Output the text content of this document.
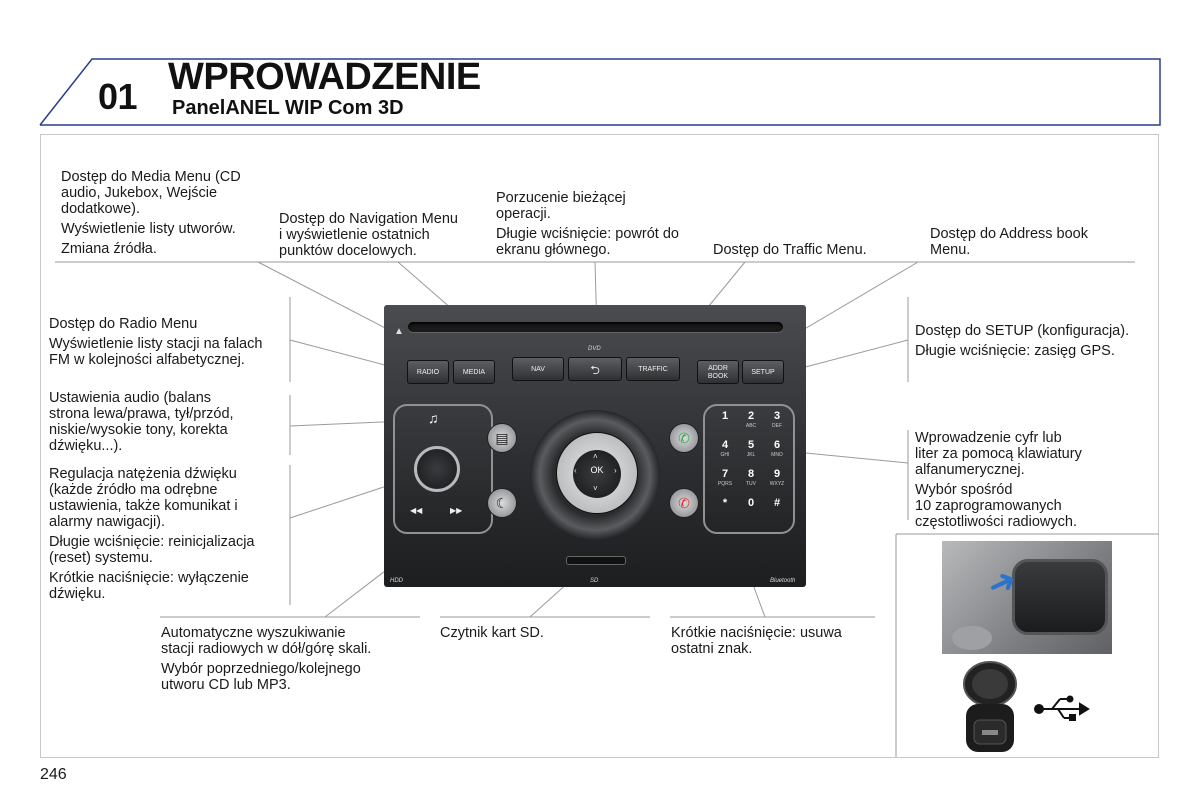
01 WPROWADZENIE
PanelANEL WIP Com 3D

Dostęp do Media Menu (CD
audio, Jukebox, Wejście
dodatkowe).

Wyświetlenie listy utworów.

Zmiana źródła.

Dostęp do Navigation Menu
i wyświetlenie ostatnich
punktów docelowych.

Porzucenie bieżącej
operacji.

Długie wciśnięcie: powrót do
ekranu głównego.	Dostęp do Traffic Menu.

Dostęp do Address book
Menu.

Dostęp do Radio Menu

Wyświetlenie listy stacji na falach
FM w kolejności alfabetycznej.

Dostęp do SETUP (konfiguracja).

Długie wciśnięcie: zasięg GPS.

Ustawienia audio (balans
strona lewa/prawa, tył/przód,
niskie/wysokie tony, korekta
dźwięku...).

Regulacja natężenia dźwięku
(każde źródło ma odrębne
ustawienia, także komunikat i
alarmy nawigacji).

Długie wciśnięcie: reinicjalizacja
(reset) systemu.

Krótkie naciśnięcie: wyłączenie
dźwięku.

Wprowadzenie cyfr lub
liter za pomocą klawiatury
alfanumerycznej.

Wybór spośród
10 zaprogramowanych
częstotliwości radiowych.

Automatyczne wyszukiwanie
stacji radiowych w dół/górę skali.

Wybór poprzedniego/kolejnego
utworu CD lub MP3.

Czytnik kart SD.	Krótkie naciśnięcie: usuwa
ostatni znak.

▲
DVD
RADIO	MEDIA	NAV	⮌	TRAFFIC	ADDR
BOOK
SETUP
♫
◀◀	▶▶
▤
☾
OK
˄
˅
‹	›
✆
✆
1	2
ABC
3
DEF
4
GHI
5
JKL
6
MNO
7
PQRS
8
TUV
9
WXYZ
*	0	#
SD
HDD	Bluetooth	➜
246
